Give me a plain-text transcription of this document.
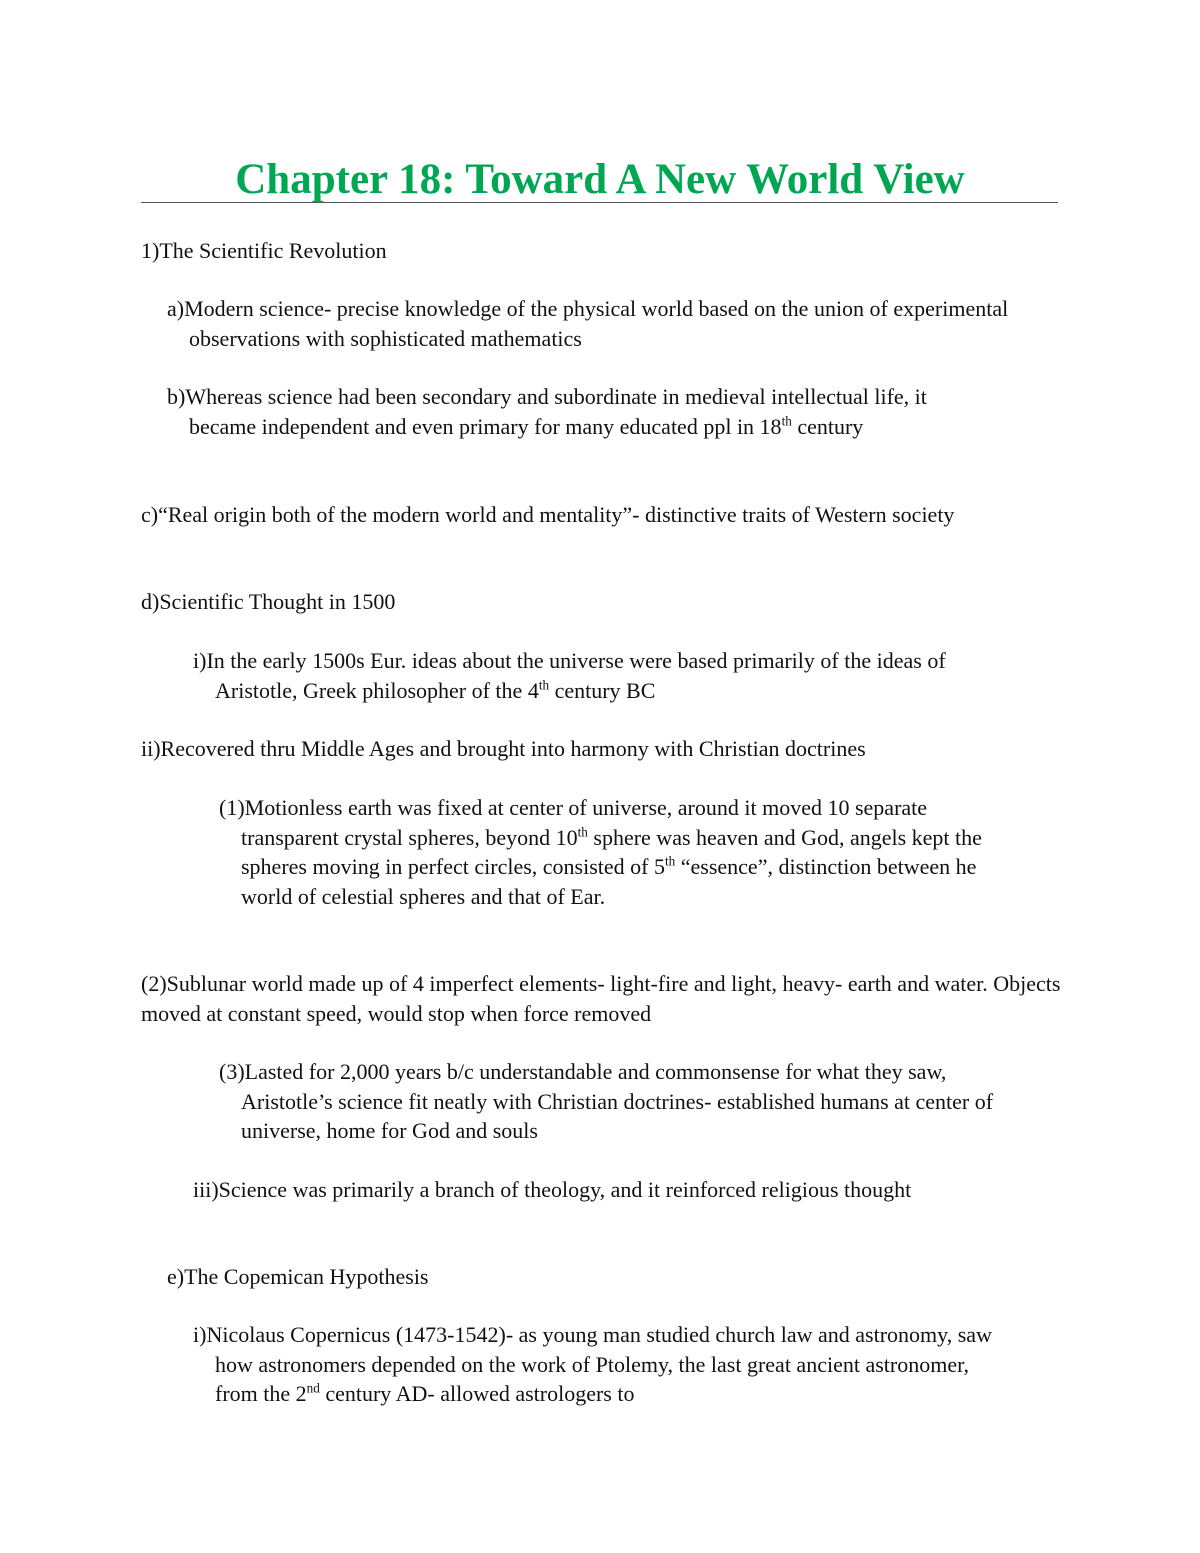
Chapter 18: Toward A New World View

1)The Scientific Revolution

a)Modern science- precise knowledge of the physical world based on the union of experimental observations with sophisticated mathematics

b)Whereas science had been secondary and subordinate in medieval intellectual life, it became independent and even primary for many educated ppl in 18th century

c)“Real origin both of the modern world and mentality”- distinctive traits of Western society

d)Scientific Thought in 1500

i)In the early 1500s Eur. ideas about the universe were based primarily of the ideas of Aristotle, Greek philosopher of the 4th century BC

ii)Recovered thru Middle Ages and brought into harmony with Christian doctrines

(1)Motionless earth was fixed at center of universe, around it moved 10 separate transparent crystal spheres, beyond 10th sphere was heaven and God, angels kept the spheres moving in perfect circles, consisted of 5th “essence”, distinction between he world of celestial spheres and that of Ear.

(2)Sublunar world made up of 4 imperfect elements- light-fire and light, heavy- earth and water. Objects moved at constant speed, would stop when force removed

(3)Lasted for 2,000 years b/c understandable and commonsense for what they saw, Aristotle’s science fit neatly with Christian doctrines- established humans at center of universe, home for God and souls

iii)Science was primarily a branch of theology, and it reinforced religious thought

e)The Copemican Hypothesis

i)Nicolaus Copernicus (1473-1542)- as young man studied church law and astronomy, saw how astronomers depended on the work of Ptolemy, the last great ancient astronomer, from the 2nd century AD- allowed astrologers to
